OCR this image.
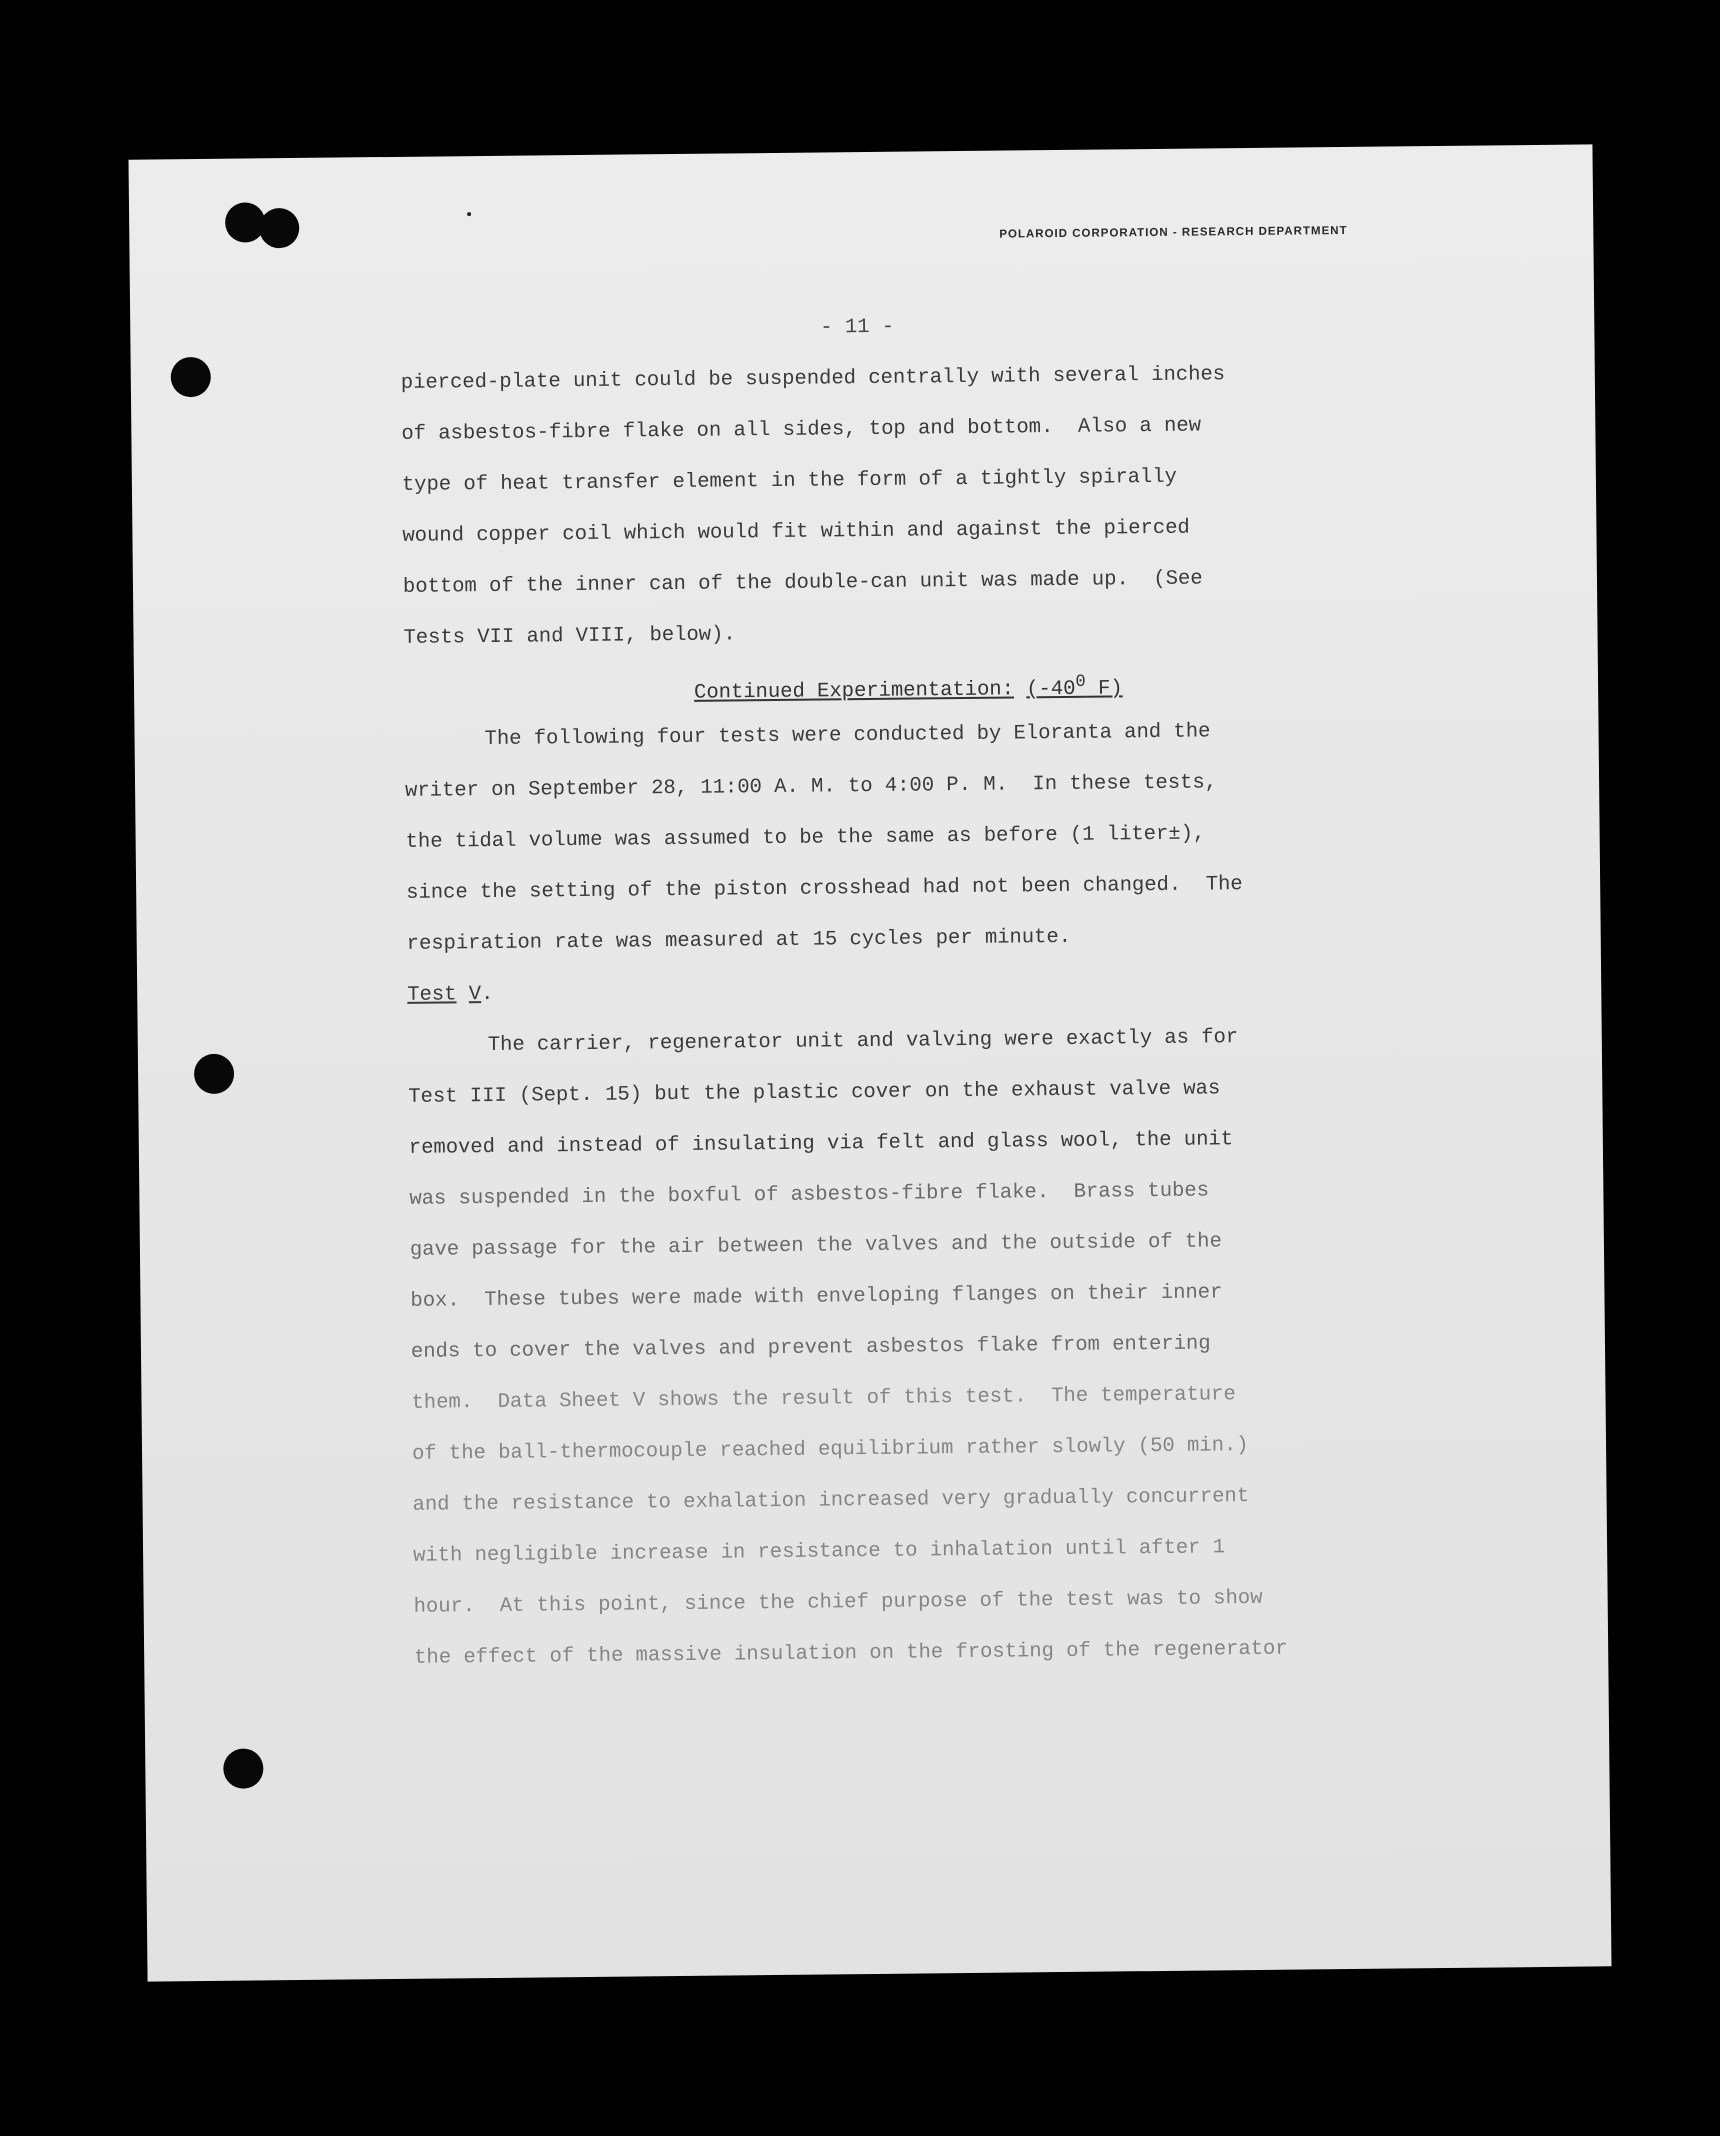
POLAROID CORPORATION - RESEARCH DEPARTMENT
- 11 -
pierced-plate unit could be suspended centrally with several inches
of asbestos-fibre flake on all sides, top and bottom.  Also a new
type of heat transfer element in the form of a tightly spirally
wound copper coil which would fit within and against the pierced
bottom of the inner can of the double-can unit was made up.  (See
Tests VII and VIII, below).
Continued Experimentation: ($-40^0$ F)
The following four tests were conducted by Eloranta and the
writer on September 28, 11:00 A. M. to 4:00 P. M.  In these tests,
the tidal volume was assumed to be the same as before (1 liter±),
since the setting of the piston crosshead had not been changed.  The
respiration rate was measured at 15 cycles per minute.
Test V.
The carrier, regenerator unit and valving were exactly as for
Test III (Sept. 15) but the plastic cover on the exhaust valve was
removed and instead of insulating via felt and glass wool, the unit
was suspended in the boxful of asbestos-fibre flake.  Brass tubes
gave passage for the air between the valves and the outside of the
box.  These tubes were made with enveloping flanges on their inner
ends to cover the valves and prevent asbestos flake from entering
them.  Data Sheet V shows the result of this test.  The temperature
of the ball-thermocouple reached equilibrium rather slowly (50 min.)
and the resistance to exhalation increased very gradually concurrent
with negligible increase in resistance to inhalation until after 1
hour.  At this point, since the chief purpose of the test was to show
the effect of the massive insulation on the frosting of the regenerator
